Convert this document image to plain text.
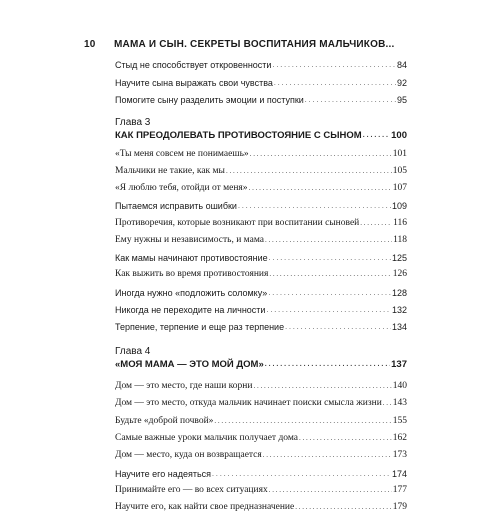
10 МАМА И СЫН. СЕКРЕТЫ ВОСПИТАНИЯ МАЛЬЧИКОВ...
Стыд не способствует откровенности . . .	84
Научите сына выражать свои чувства . . .	92
Помогите сыну разделить эмоции и поступки . . .	95
Глава 3
КАК ПРЕОДОЛЕВАТЬ ПРОТИВОСТОЯНИЕ С СЫНОМ . . .	100
«Ты меня совсем не понимаешь» . . .	101
Мальчики не такие, как мы . . .	105
«Я люблю тебя, отойди от меня» . . .	107
Пытаемся исправить ошибки . . .	109
Противоречия, которые возникают при воспитании сыновей . . .	116
Ему нужны и независимость, и мама . . .	118
Как мамы начинают противостояние . . .	125
Как выжить во время противостояния . . .	126
Иногда нужно «подложить соломку» . . .	128
Никогда не переходите на личности . . .	132
Терпение, терпение и еще раз терпение . . .	134
Глава 4
«МОЯ МАМА — ЭТО МОЙ ДОМ» . . .	137
Дом — это место, где наши корни . . .	140
Дом — это место, откуда мальчик начинает поиски смысла жизни . . . 143
Будьте «доброй почвой» . . .	155
Самые важные уроки мальчик получает дома . . .	162
Дом — место, куда он возвращается . . .	173
Научите его надеяться . . .	174
Принимайте его — во всех ситуациях . . .	177
Научите его, как найти свое предназначение . . .	179
